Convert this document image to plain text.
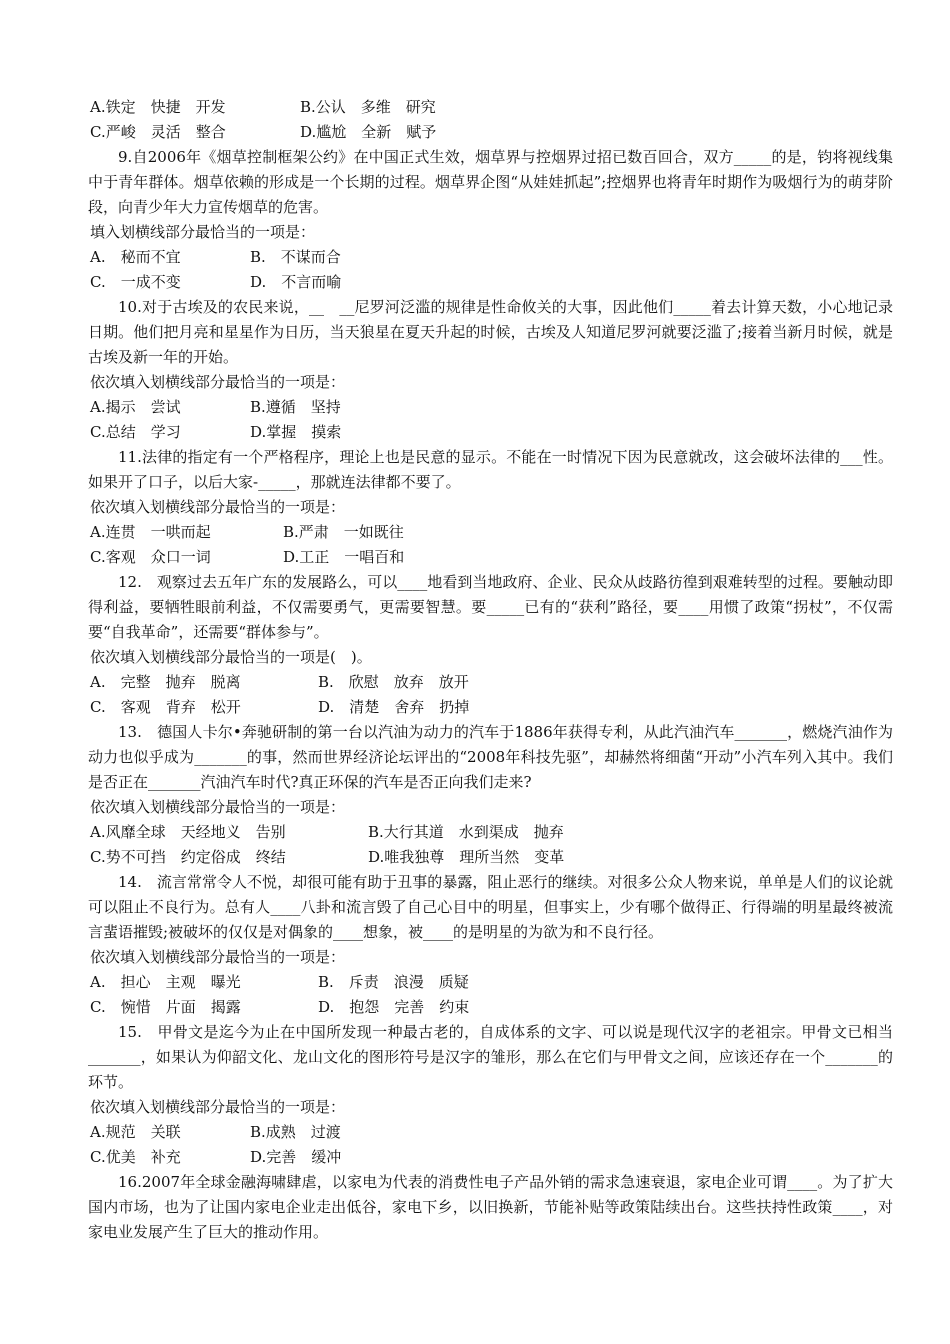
A.铁定　快捷　开发	B.公认　多维　研究
C.严峻　灵活　整合	D.尴尬　全新　赋予

9.自2006年《烟草控制框架公约》在中国正式生效，烟草界与控烟界过招已数百回合，双方_____的是，钧将视线集中于青年群体。烟草依赖的形成是一个长期的过程。烟草界企图“从娃娃抓起”;控烟界也将青年时期作为吸烟行为的萌芽阶段，向青少年大力宣传烟草的危害。

填入划横线部分最恰当的一项是：

A.　秘而不宜	B.　不谋而合
C.　一成不变	D.　不言而喻

10.对于古埃及的农民来说，__　__尼罗河泛滥的规律是性命攸关的大事，因此他们_____着去计算天数，小心地记录日期。他们把月亮和星星作为日历，当天狼星在夏天升起的时候，古埃及人知道尼罗河就要泛滥了;接着当新月时候，就是古埃及新一年的开始。

依次填入划横线部分最恰当的一项是：

A.揭示　尝试	B.遵循　坚持
C.总结　学习	D.掌握　摸索

11.法律的指定有一个严格程序，理论上也是民意的显示。不能在一时情况下因为民意就改，这会破坏法律的___性。如果开了口子，以后大家-_____，那就连法律都不要了。

依次填入划横线部分最恰当的一项是：

A.连贯　一哄而起	B.严肃　一如既往
C.客观　众口一词	D.工正　一唱百和

12.　观察过去五年广东的发展路么，可以____地看到当地政府、企业、民众从歧路彷徨到艰难转型的过程。要触动即得利益，要牺牲眼前利益，不仅需要勇气，更需要智慧。要_____已有的“获利”路径，要____用惯了政策“拐杖”，不仅需要“自我革命”，还需要“群体参与”。

依次填入划横线部分最恰当的一项是(　)。

A.　完整　抛弃　脱离	B.　欣慰　放弃　放开
C.　客观　背弃　松开	D.　清楚　舍弃　扔掉

13.　德国人卡尔•奔驰研制的第一台以汽油为动力的汽车于1886年获得专利，从此汽油汽车_______，燃烧汽油作为动力也似乎成为_______的事，然而世界经济论坛评出的“2008年科技先驱”，却赫然将细菌“开动”小汽车列入其中。我们是否正在_______汽油汽车时代?真正环保的汽车是否正向我们走来?

依次填入划横线部分最恰当的一项是：

A.风靡全球　天经地义　告别	B.大行其道　水到渠成　抛弃
C.势不可挡　约定俗成　终结	D.唯我独尊　理所当然　变革

14.　流言常常令人不悦，却很可能有助于丑事的暴露，阻止恶行的继续。对很多公众人物来说，单单是人们的议论就可以阻止不良行为。总有人____八卦和流言毁了自己心目中的明星，但事实上，少有哪个做得正、行得端的明星最终被流言蜚语摧毁;被破坏的仅仅是对偶象的____想象，被____的是明星的为欲为和不良行径。

依次填入划横线部分最恰当的一项是：

A.　担心　主观　曝光	B.　斥责　浪漫　质疑
C.　惋惜　片面　揭露	D.　抱怨　完善　约束

15.　甲骨文是迄今为止在中国所发现一种最古老的，自成体系的文字、可以说是现代汉字的老祖宗。甲骨文已相当_______，如果认为仰韶文化、龙山文化的图形符号是汉字的雏形，那么在它们与甲骨文之间，应该还存在一个_______的环节。

依次填入划横线部分最恰当的一项是：

A.规范　关联	B.成熟　过渡
C.优美　补充	D.完善　缓冲

16.2007年全球金融海啸肆虐，以家电为代表的消费性电子产品外销的需求急速衰退，家电企业可谓____。为了扩大国内市场，也为了让国内家电企业走出低谷，家电下乡，以旧换新，节能补贴等政策陆续出台。这些扶持性政策____，对家电业发展产生了巨大的推动作用。
